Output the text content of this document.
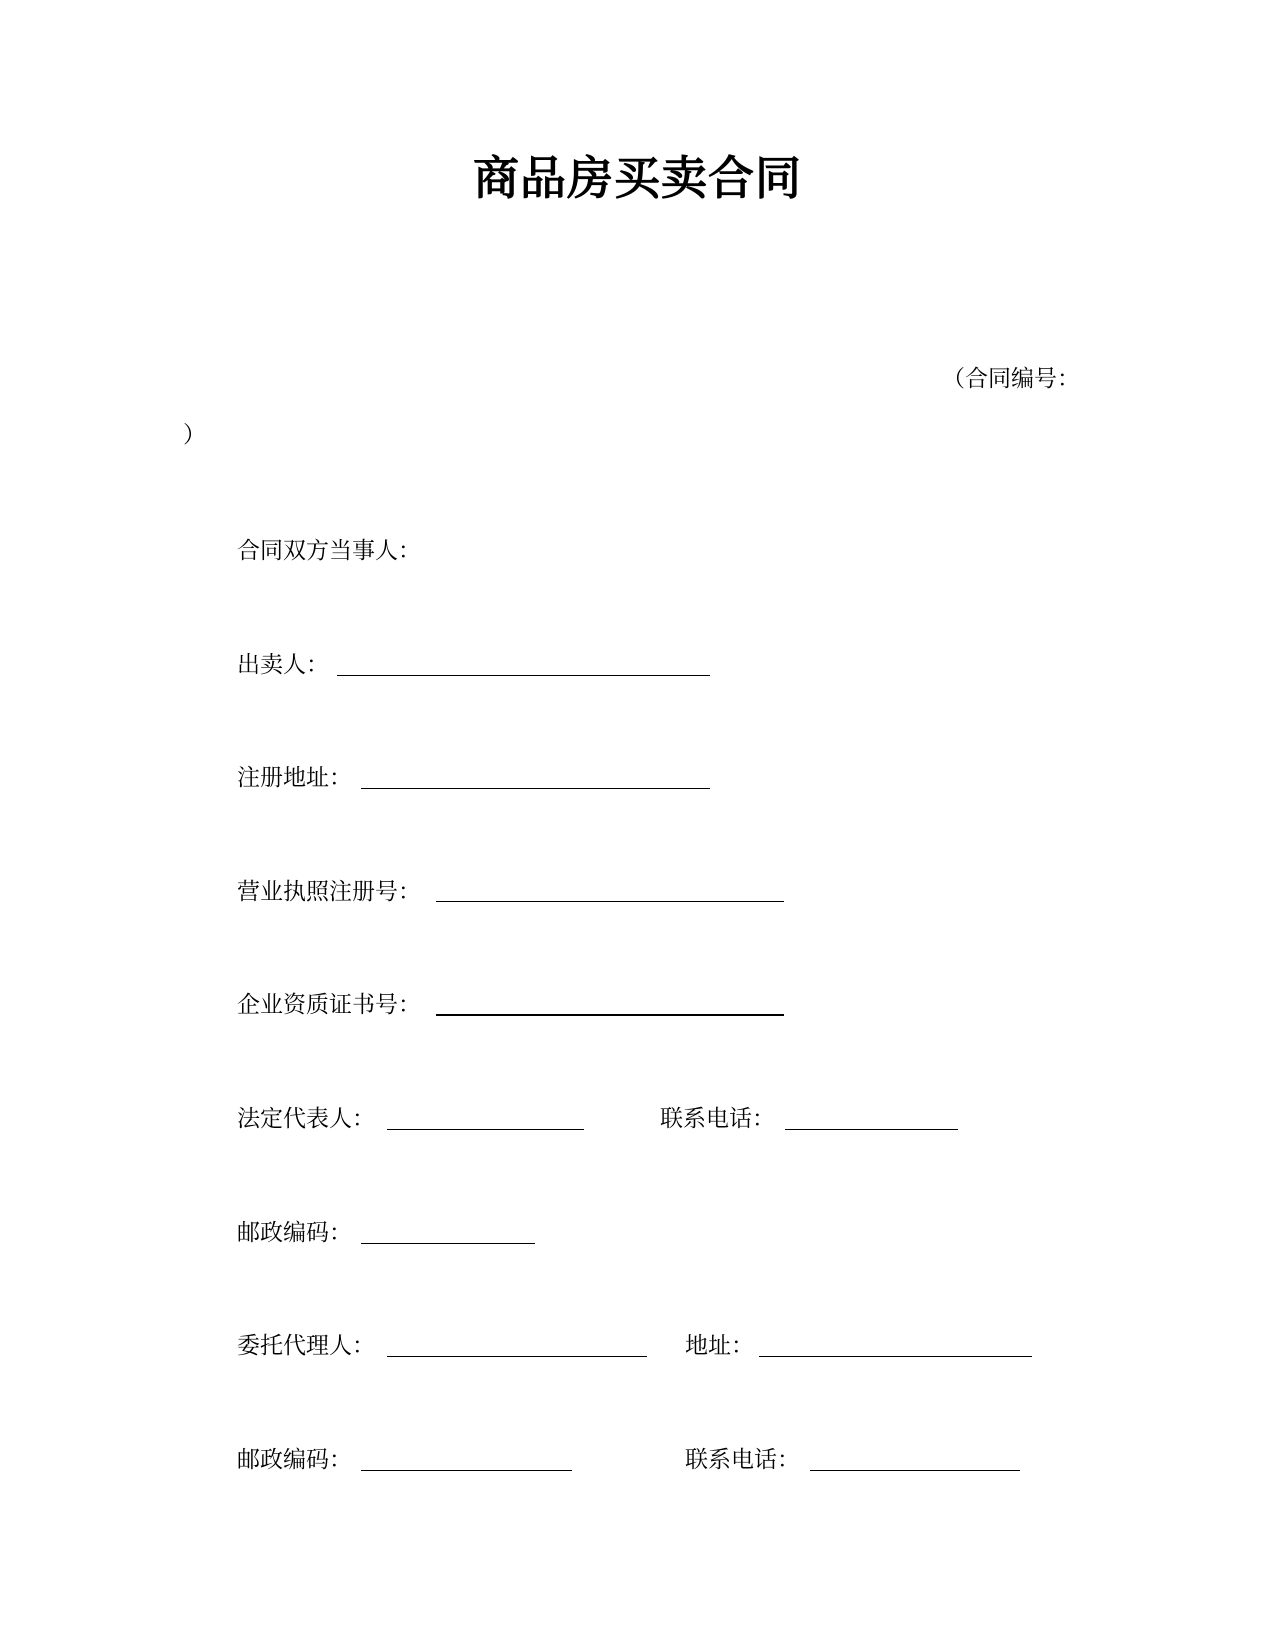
商品房买卖合同
（合同编号：
）
合同双方当事人：
出卖人：
注册地址：
营业执照注册号：
企业资质证书号：
法定代表人：	联系电话：
邮政编码：
委托代理人：	地址：
邮政编码：	联系电话：
